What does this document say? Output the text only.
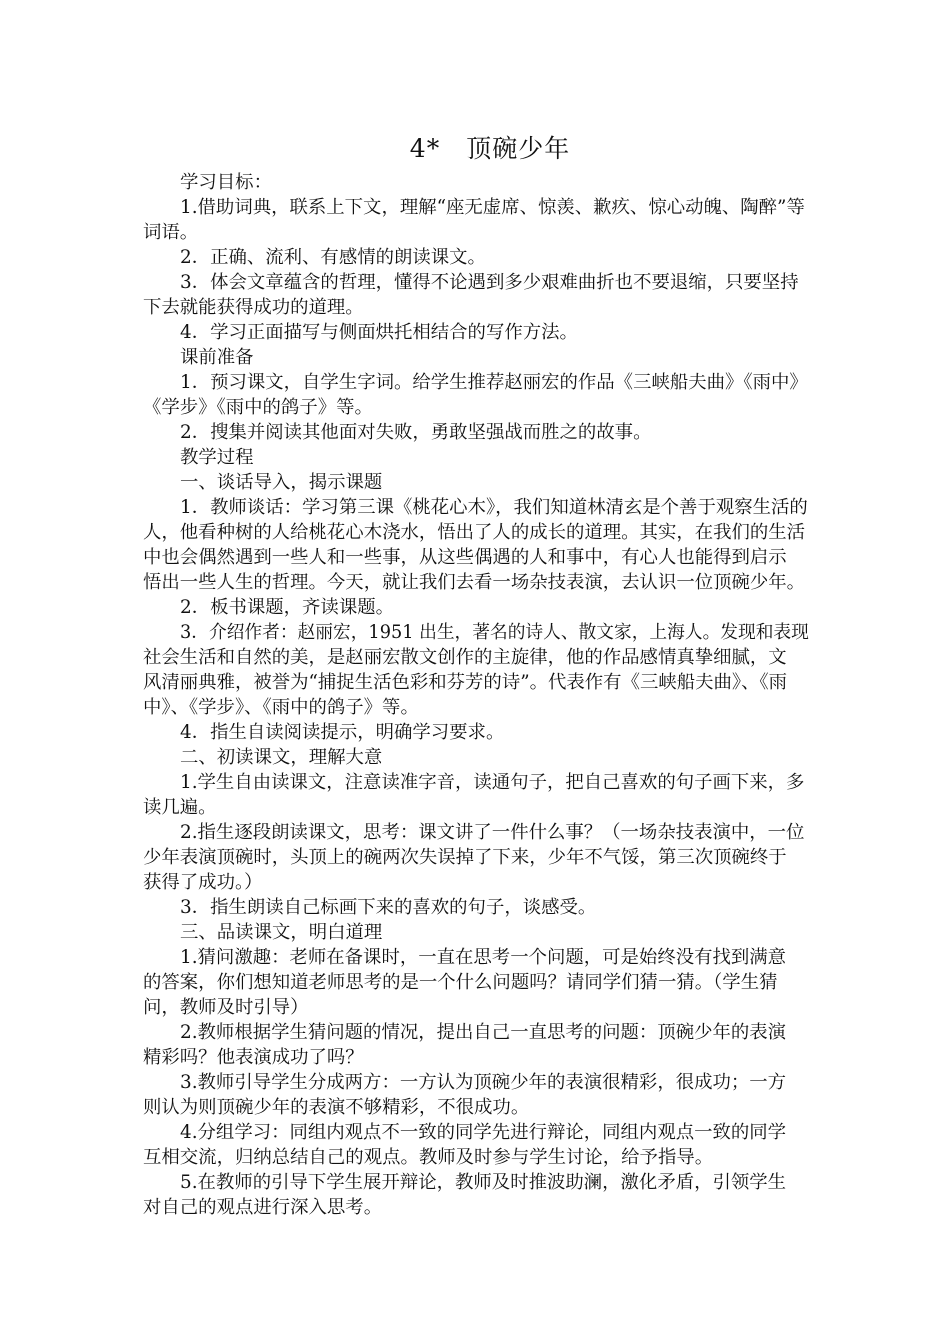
4*　顶碗少年

学习目标：

1.借助词典，联系上下文，理解“座无虚席、惊羡、歉疚、惊心动魄、陶醉”等

词语。

2．正确、流利、有感情的朗读课文。

3．体会文章蕴含的哲理，懂得不论遇到多少艰难曲折也不要退缩，只要坚持

下去就能获得成功的道理。

4．学习正面描写与侧面烘托相结合的写作方法。

课前准备

1．预习课文，自学生字词。给学生推荐赵丽宏的作品《三峡船夫曲》《雨中》

《学步》《雨中的鸽子》等。

2．搜集并阅读其他面对失败，勇敢坚强战而胜之的故事。

教学过程

一、谈话导入，揭示课题

1．教师谈话：学习第三课《桃花心木》，我们知道林清玄是个善于观察生活的

人，他看种树的人给桃花心木浇水，悟出了人的成长的道理。其实，在我们的生活

中也会偶然遇到一些人和一些事，从这些偶遇的人和事中，有心人也能得到启示

悟出一些人生的哲理。今天，就让我们去看一场杂技表演，去认识一位顶碗少年。

2．板书课题，齐读课题。

3．介绍作者：赵丽宏，1951 出生，著名的诗人、散文家，上海人。发现和表现

社会生活和自然的美，是赵丽宏散文创作的主旋律，他的作品感情真挚细腻，文

风清丽典雅，被誉为“捕捉生活色彩和芬芳的诗”。代表作有《三峡船夫曲》、《雨

中》、《学步》、《雨中的鸽子》等。

4．指生自读阅读提示，明确学习要求。

二、初读课文，理解大意

1.学生自由读课文，注意读准字音，读通句子，把自己喜欢的句子画下来，多

读几遍。

2.指生逐段朗读课文，思考：课文讲了一件什么事？（一场杂技表演中，一位

少年表演顶碗时，头顶上的碗两次失误掉了下来，少年不气馁，第三次顶碗终于

获得了成功。）

3．指生朗读自己标画下来的喜欢的句子，谈感受。

三、品读课文，明白道理

1.猜问激趣：老师在备课时，一直在思考一个问题，可是始终没有找到满意

的答案，你们想知道老师思考的是一个什么问题吗？请同学们猜一猜。（学生猜

问，教师及时引导）

2.教师根据学生猜问题的情况，提出自己一直思考的问题：顶碗少年的表演

精彩吗？他表演成功了吗？

3.教师引导学生分成两方：一方认为顶碗少年的表演很精彩，很成功；一方

则认为则顶碗少年的表演不够精彩，不很成功。

4.分组学习：同组内观点不一致的同学先进行辩论，同组内观点一致的同学

互相交流，归纳总结自己的观点。教师及时参与学生讨论，给予指导。

5.在教师的引导下学生展开辩论，教师及时推波助澜，激化矛盾，引领学生

对自己的观点进行深入思考。
